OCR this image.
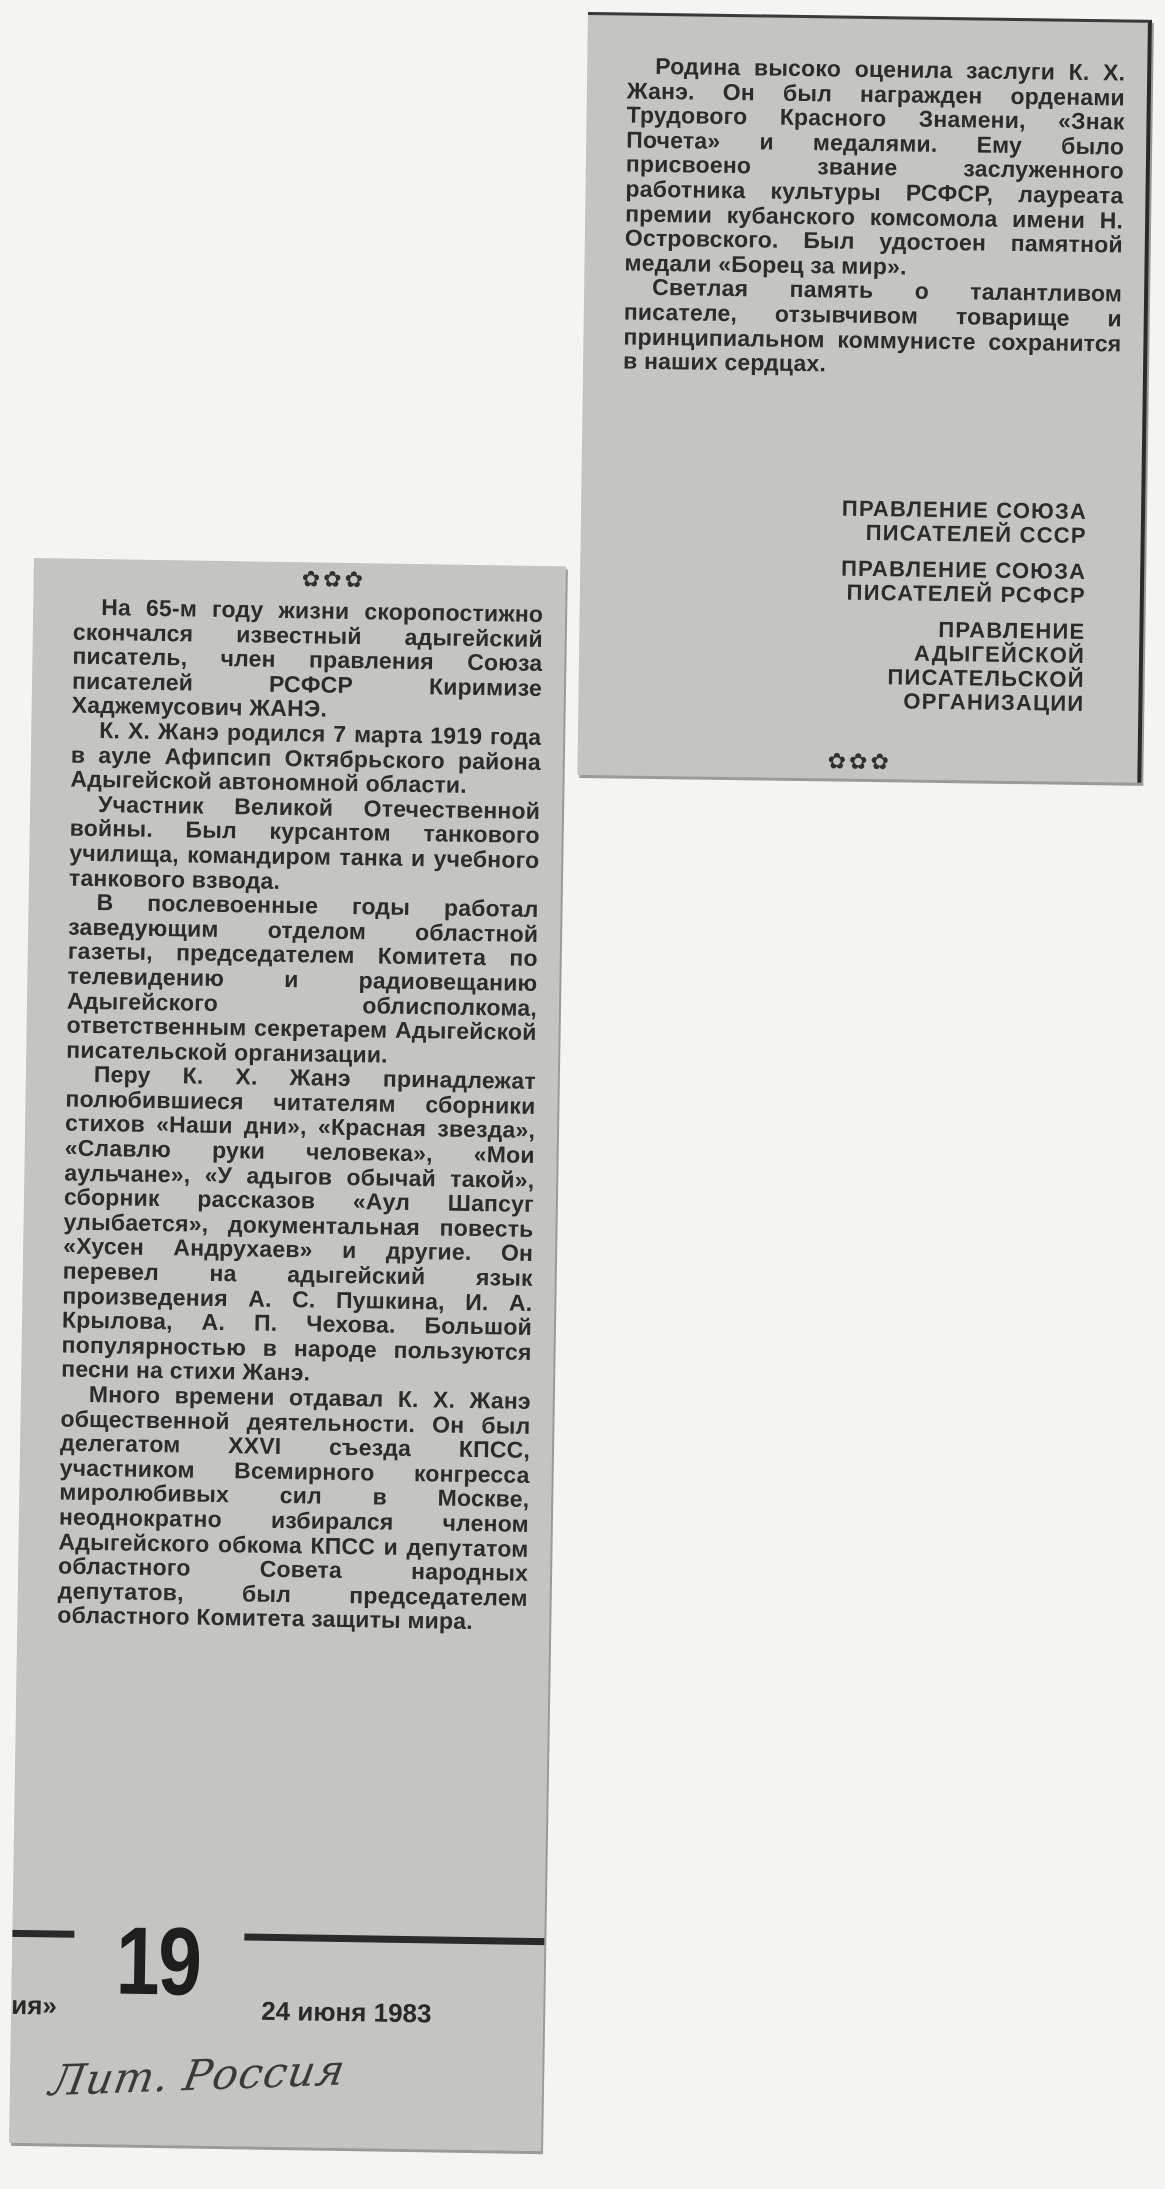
Родина высоко оценила заслуги К. Х. Жанэ. Он был награжден орденами Трудового Красного Знамени, «Знак Почета» и медалями. Ему было присвоено звание заслуженного работника культуры РСФСР, лауреата премии кубанского комсомола имени Н. Островского. Был удостоен памятной медали «Борец за мир».

Светлая память о талантливом писателе, отзывчивом товарище и принципиальном коммунисте сохранится в наших сердцах.

ПРАВЛЕНИЕ СОЮЗА
ПИСАТЕЛЕЙ СССР
ПРАВЛЕНИЕ СОЮЗА
ПИСАТЕЛЕЙ РСФСР
ПРАВЛЕНИЕ
АДЫГЕЙСКОЙ
ПИСАТЕЛЬСКОЙ
ОРГАНИЗАЦИИ
✿✿✿
✿✿✿

На 65-м году жизни скоропостижно скончался известный адыгейский писатель, член правления Союза писателей РСФСР Киримизе Хаджемусович ЖАНЭ.

К. Х. Жанэ родился 7 марта 1919 года в ауле Афипсип Октябрьского района Адыгейской автономной области.

Участник Великой Отечественной войны. Был курсантом танкового училища, командиром танка и учебного танкового взвода.

В послевоенные годы работал заведующим отделом областной газеты, председателем Комитета по телевидению и радиовещанию Адыгейского облисполкома, ответственным секретарем Адыгейской писательской организации.

Перу К. Х. Жанэ принадлежат полюбившиеся читателям сборники стихов «Наши дни», «Красная звезда», «Славлю руки человека», «Мои аульчане», «У адыгов обычай такой», сборник рассказов «Аул Шапсуг улыбается», документальная повесть «Хусен Андрухаев» и другие. Он перевел на адыгейский язык произведения А. С. Пушкина, И. А. Крылова, А. П. Чехова. Большой популярностью в народе пользуются песни на стихи Жанэ.

Много времени отдавал К. Х. Жанэ общественной деятельности. Он был делегатом XXVI съезда КПСС, участником Всемирного конгресса миролюбивых сил в Москве, неоднократно избирался членом Адыгейского обкома КПСС и депутатом областного Совета народных депутатов, был председателем областного Комитета защиты мира.

19
ия»	24 июня 1983
Лит. Россия
